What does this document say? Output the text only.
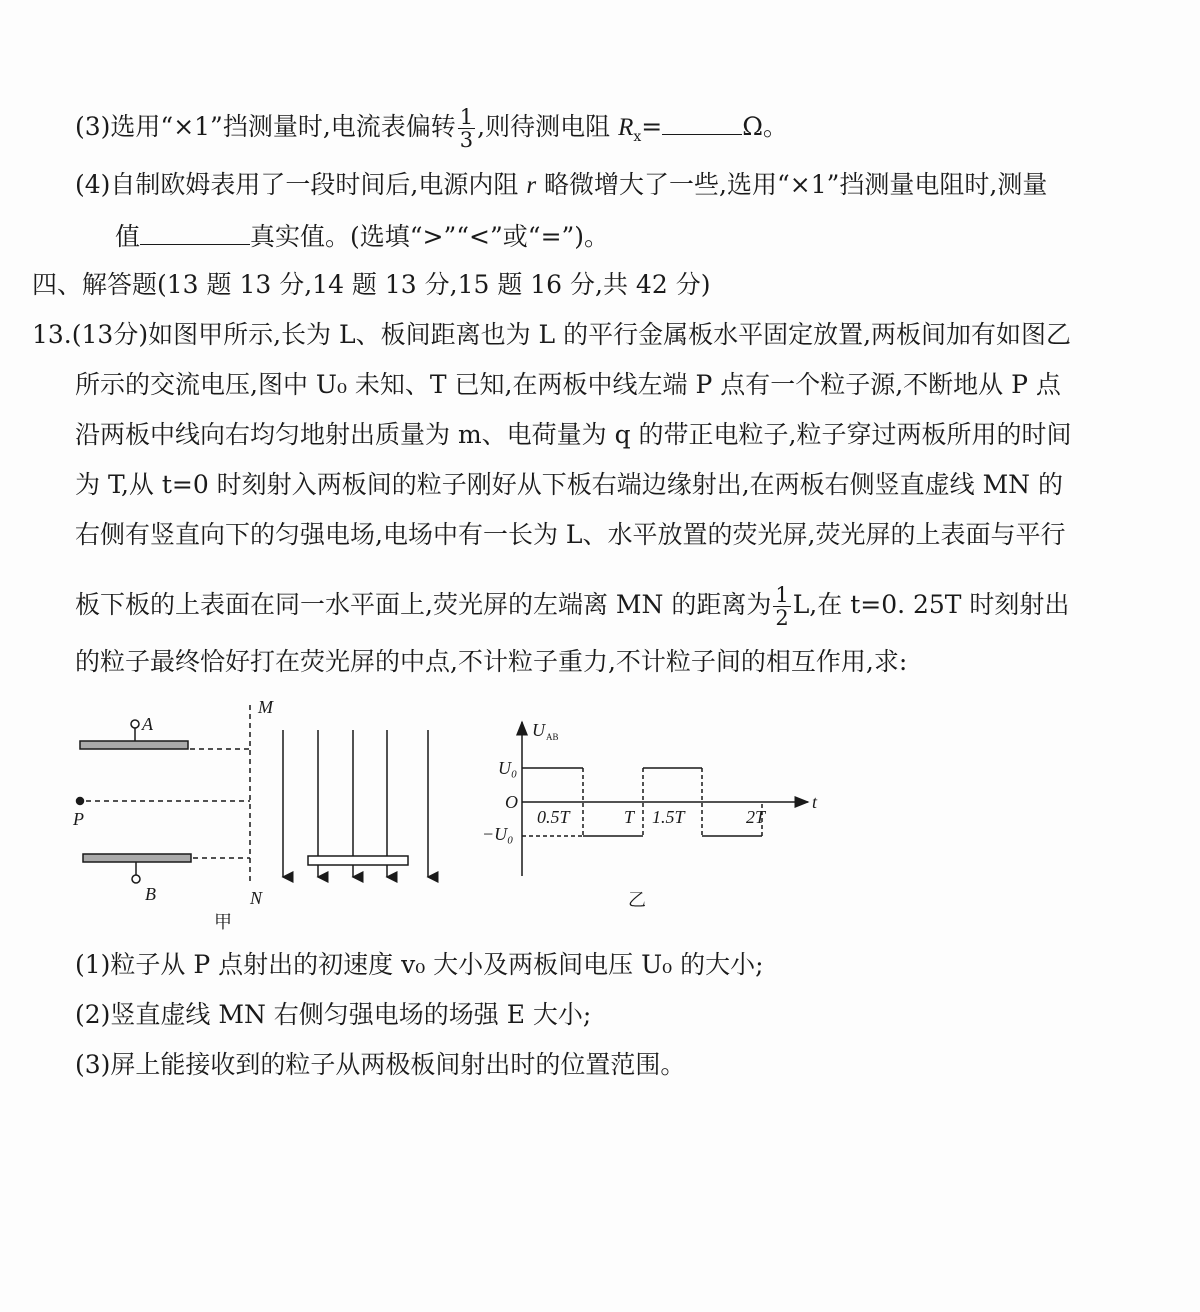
(3)选用“×1”挡测量时,电流表偏转 $\frac{1}{3}$ ,则待测电阻 $R_x=$	Ω。
(4)自制欧姆表用了一段时间后,电源内阻 r 略微增大了一些,选用“×1”挡测量电阻时,测量
值	真实值。(选填“>”“<”或“=”)。
四、解答题(13 题 13 分,14 题 13 分,15 题 16 分,共 42 分)
13.(13分)如图甲所示,长为 L、板间距离也为 L 的平行金属板水平固定放置,两板间加有如图乙
所示的交流电压,图中 U₀ 未知、T 已知,在两板中线左端 P 点有一个粒子源,不断地从 P 点
沿两板中线向右均匀地射出质量为 m、电荷量为 q 的带正电粒子,粒子穿过两板所用的时间
为 T,从 t=0 时刻射入两板间的粒子刚好从下板右端边缘射出,在两板右侧竖直虚线 MN 的
右侧有竖直向下的匀强电场,电场中有一长为 L、水平放置的荧光屏,荧光屏的上表面与平行
板下板的上表面在同一水平面上,荧光屏的左端离 MN 的距离为 $\frac{1}{2} L$,在 t=0. 25T 时刻射出
的粒子最终恰好打在荧光屏的中点,不计粒子重力,不计粒子间的相互作用,求:
(1)粒子从 P 点射出的初速度 v₀ 大小及两板间电压 U₀ 的大小;
(2)竖直虚线 MN 右侧匀强电场的场强 E 大小;
(3)屏上能接收到的粒子从两极板间射出时的位置范围。
A
B
P
M
N
甲
U AB
t
U₀
−U₀
O
0.5T	T 1.5T	2T
乙
